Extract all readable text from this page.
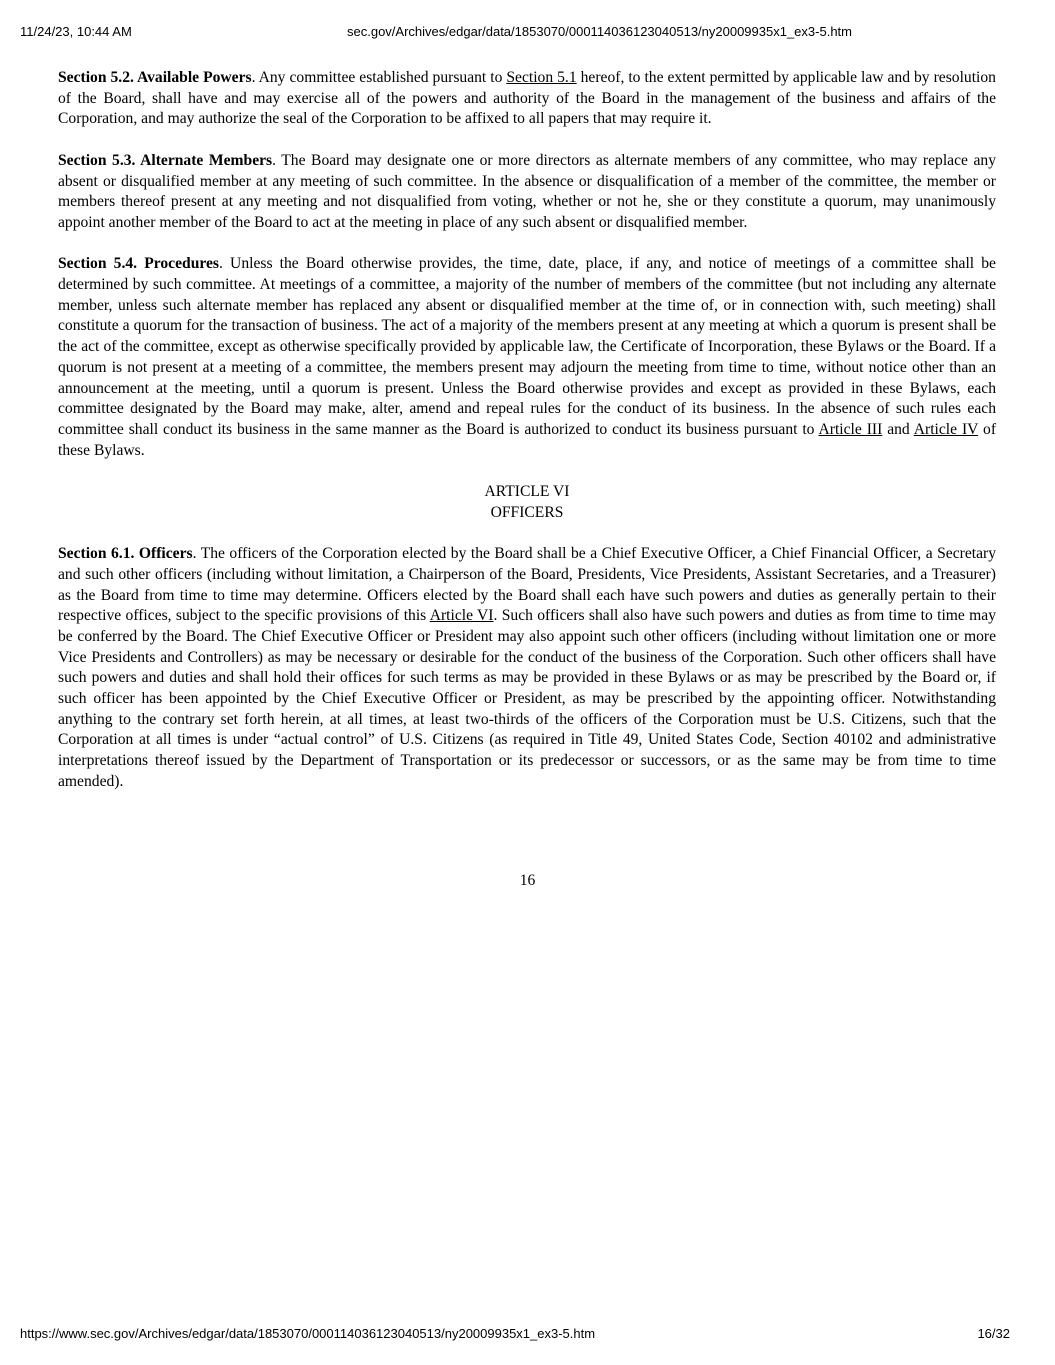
11/24/23, 10:44 AM	sec.gov/Archives/edgar/data/1853070/000114036123040513/ny20009935x1_ex3-5.htm

Section 5.2. Available Powers. Any committee established pursuant to Section 5.1 hereof, to the extent permitted by applicable law and by resolution of the Board, shall have and may exercise all of the powers and authority of the Board in the management of the business and affairs of the Corporation, and may authorize the seal of the Corporation to be affixed to all papers that may require it.

Section 5.3. Alternate Members. The Board may designate one or more directors as alternate members of any committee, who may replace any absent or disqualified member at any meeting of such committee. In the absence or disqualification of a member of the committee, the member or members thereof present at any meeting and not disqualified from voting, whether or not he, she or they constitute a quorum, may unanimously appoint another member of the Board to act at the meeting in place of any such absent or disqualified member.

Section 5.4. Procedures. Unless the Board otherwise provides, the time, date, place, if any, and notice of meetings of a committee shall be determined by such committee. At meetings of a committee, a majority of the number of members of the committee (but not including any alternate member, unless such alternate member has replaced any absent or disqualified member at the time of, or in connection with, such meeting) shall constitute a quorum for the transaction of business. The act of a majority of the members present at any meeting at which a quorum is present shall be the act of the committee, except as otherwise specifically provided by applicable law, the Certificate of Incorporation, these Bylaws or the Board. If a quorum is not present at a meeting of a committee, the members present may adjourn the meeting from time to time, without notice other than an announcement at the meeting, until a quorum is present. Unless the Board otherwise provides and except as provided in these Bylaws, each committee designated by the Board may make, alter, amend and repeal rules for the conduct of its business. In the absence of such rules each committee shall conduct its business in the same manner as the Board is authorized to conduct its business pursuant to Article III and Article IV of these Bylaws.

ARTICLE VI
OFFICERS

Section 6.1. Officers. The officers of the Corporation elected by the Board shall be a Chief Executive Officer, a Chief Financial Officer, a Secretary and such other officers (including without limitation, a Chairperson of the Board, Presidents, Vice Presidents, Assistant Secretaries, and a Treasurer) as the Board from time to time may determine. Officers elected by the Board shall each have such powers and duties as generally pertain to their respective offices, subject to the specific provisions of this Article VI. Such officers shall also have such powers and duties as from time to time may be conferred by the Board. The Chief Executive Officer or President may also appoint such other officers (including without limitation one or more Vice Presidents and Controllers) as may be necessary or desirable for the conduct of the business of the Corporation. Such other officers shall have such powers and duties and shall hold their offices for such terms as may be provided in these Bylaws or as may be prescribed by the Board or, if such officer has been appointed by the Chief Executive Officer or President, as may be prescribed by the appointing officer. Notwithstanding anything to the contrary set forth herein, at all times, at least two-thirds of the officers of the Corporation must be U.S. Citizens, such that the Corporation at all times is under “actual control” of U.S. Citizens (as required in Title 49, United States Code, Section 40102 and administrative interpretations thereof issued by the Department of Transportation or its predecessor or successors, or as the same may be from time to time amended).

16
https://www.sec.gov/Archives/edgar/data/1853070/000114036123040513/ny20009935x1_ex3-5.htm	16/32
